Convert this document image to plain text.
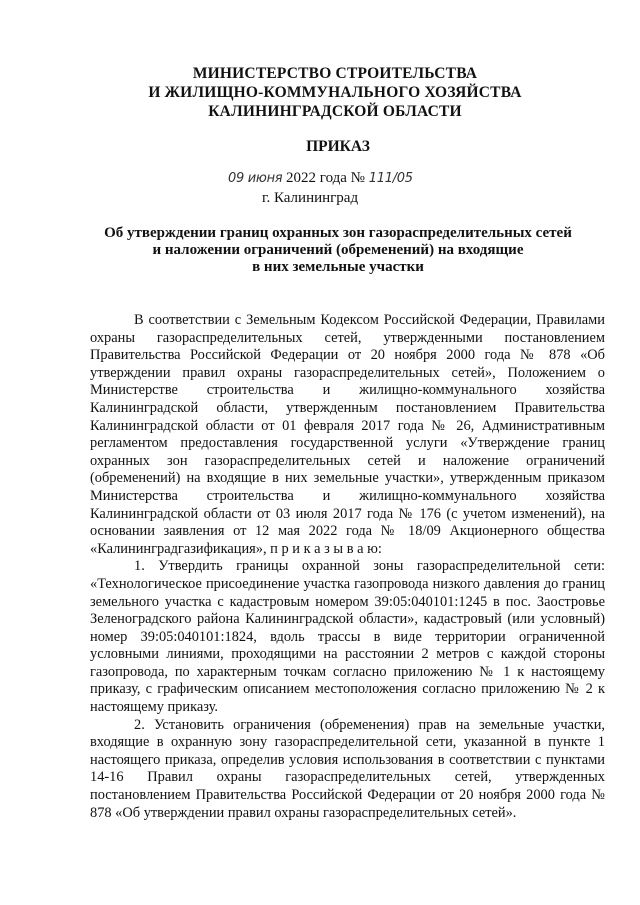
МИНИСТЕРСТВО СТРОИТЕЛЬСТВА
И ЖИЛИЩНО-КОММУНАЛЬНОГО ХОЗЯЙСТВА
КАЛИНИНГРАДСКОЙ ОБЛАСТИ
ПРИКАЗ
09 июня 2022 года № 111/05
г. Калининград
Об утверждении границ охранных зон газораспределительных сетей
и наложении ограничений (обременений) на входящие
в них земельные участки

В соответствии с Земельным Кодексом Российской Федерации, Правилами охраны газораспределительных сетей, утвержденными постановлением Правительства Российской Федерации от 20 ноября 2000 года № 878 «Об утверждении правил охраны газораспределительных сетей», Положением о Министерстве строительства и жилищно-коммунального хозяйства Калининградской области, утвержденным постановлением Правительства Калининградской области от 01 февраля 2017 года № 26, Административным регламентом предоставления государственной услуги «Утверждение границ охранных зон газораспределительных сетей и наложение ограничений (обременений) на входящие в них земельные участки», утвержденным приказом Министерства строительства и жилищно-коммунального хозяйства Калининградской области от 03 июля 2017 года № 176 (с учетом изменений), на основании заявления от 12 мая 2022 года № 18/09 Акционерного общества «Калининградгазификация», п р и к а з ы в а ю:

1. Утвердить границы охранной зоны газораспределительной сети: «Технологическое присоединение участка газопровода низкого давления до границ земельного участка с кадастровым номером 39:05:040101:1245 в пос. Заостровье Зеленоградского района Калининградской области», кадастровый (или условный) номер 39:05:040101:1824, вдоль трассы в виде территории ограниченной условными линиями, проходящими на расстоянии 2 метров с каждой стороны газопровода, по характерным точкам согласно приложению № 1 к настоящему приказу, с графическим описанием местоположения согласно приложению № 2 к настоящему приказу.

2. Установить ограничения (обременения) прав на земельные участки, входящие в охранную зону газораспределительной сети, указанной в пункте 1 настоящего приказа, определив условия использования в соответствии с пунктами 14-16 Правил охраны газораспределительных сетей, утвержденных постановлением Правительства Российской Федерации от 20 ноября 2000 года № 878 «Об утверждении правил охраны газораспределительных сетей».
